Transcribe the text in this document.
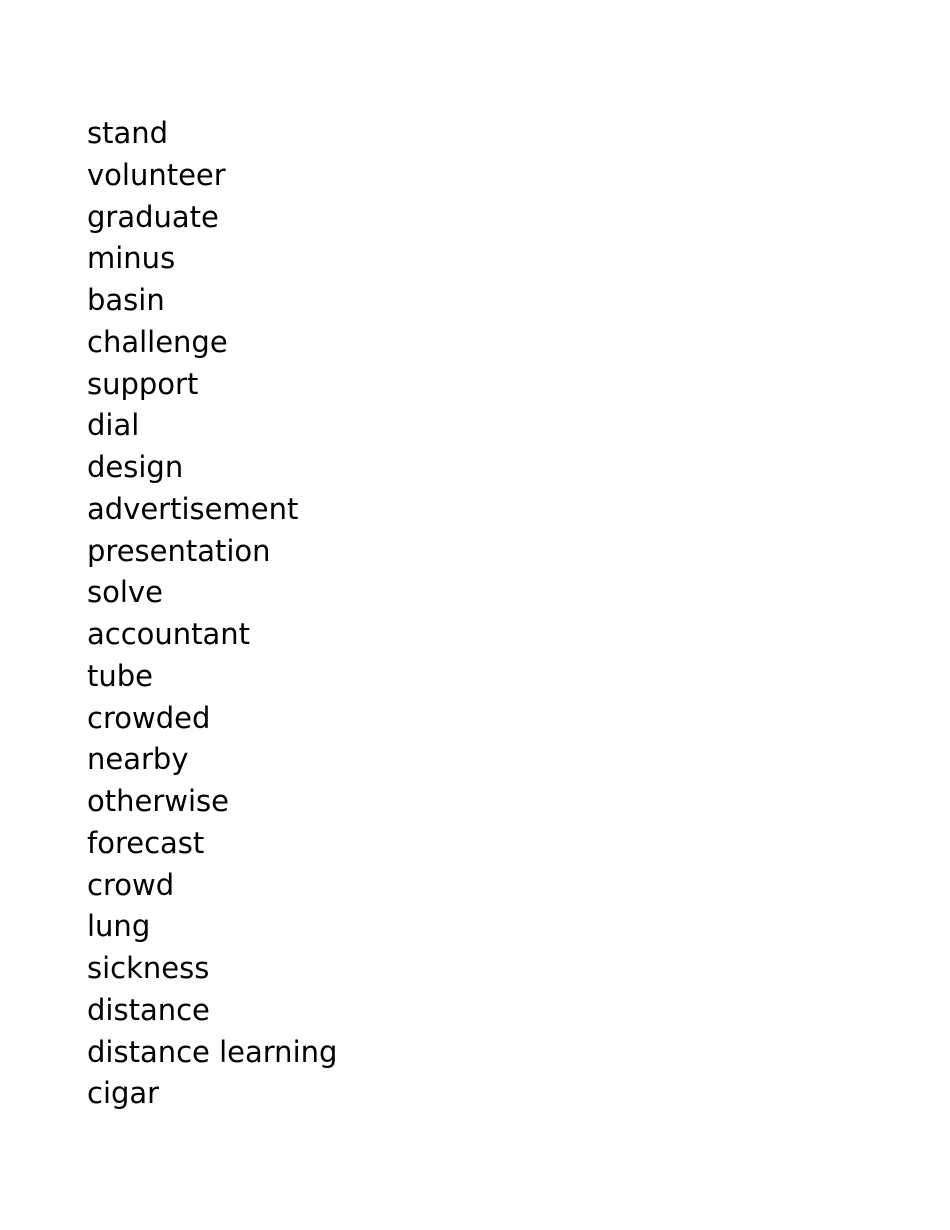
stand
volunteer
graduate
minus
basin
challenge
support
dial
design
advertisement
presentation
solve
accountant
tube
crowded
nearby
otherwise
forecast
crowd
lung
sickness
distance
distance learning
cigar
